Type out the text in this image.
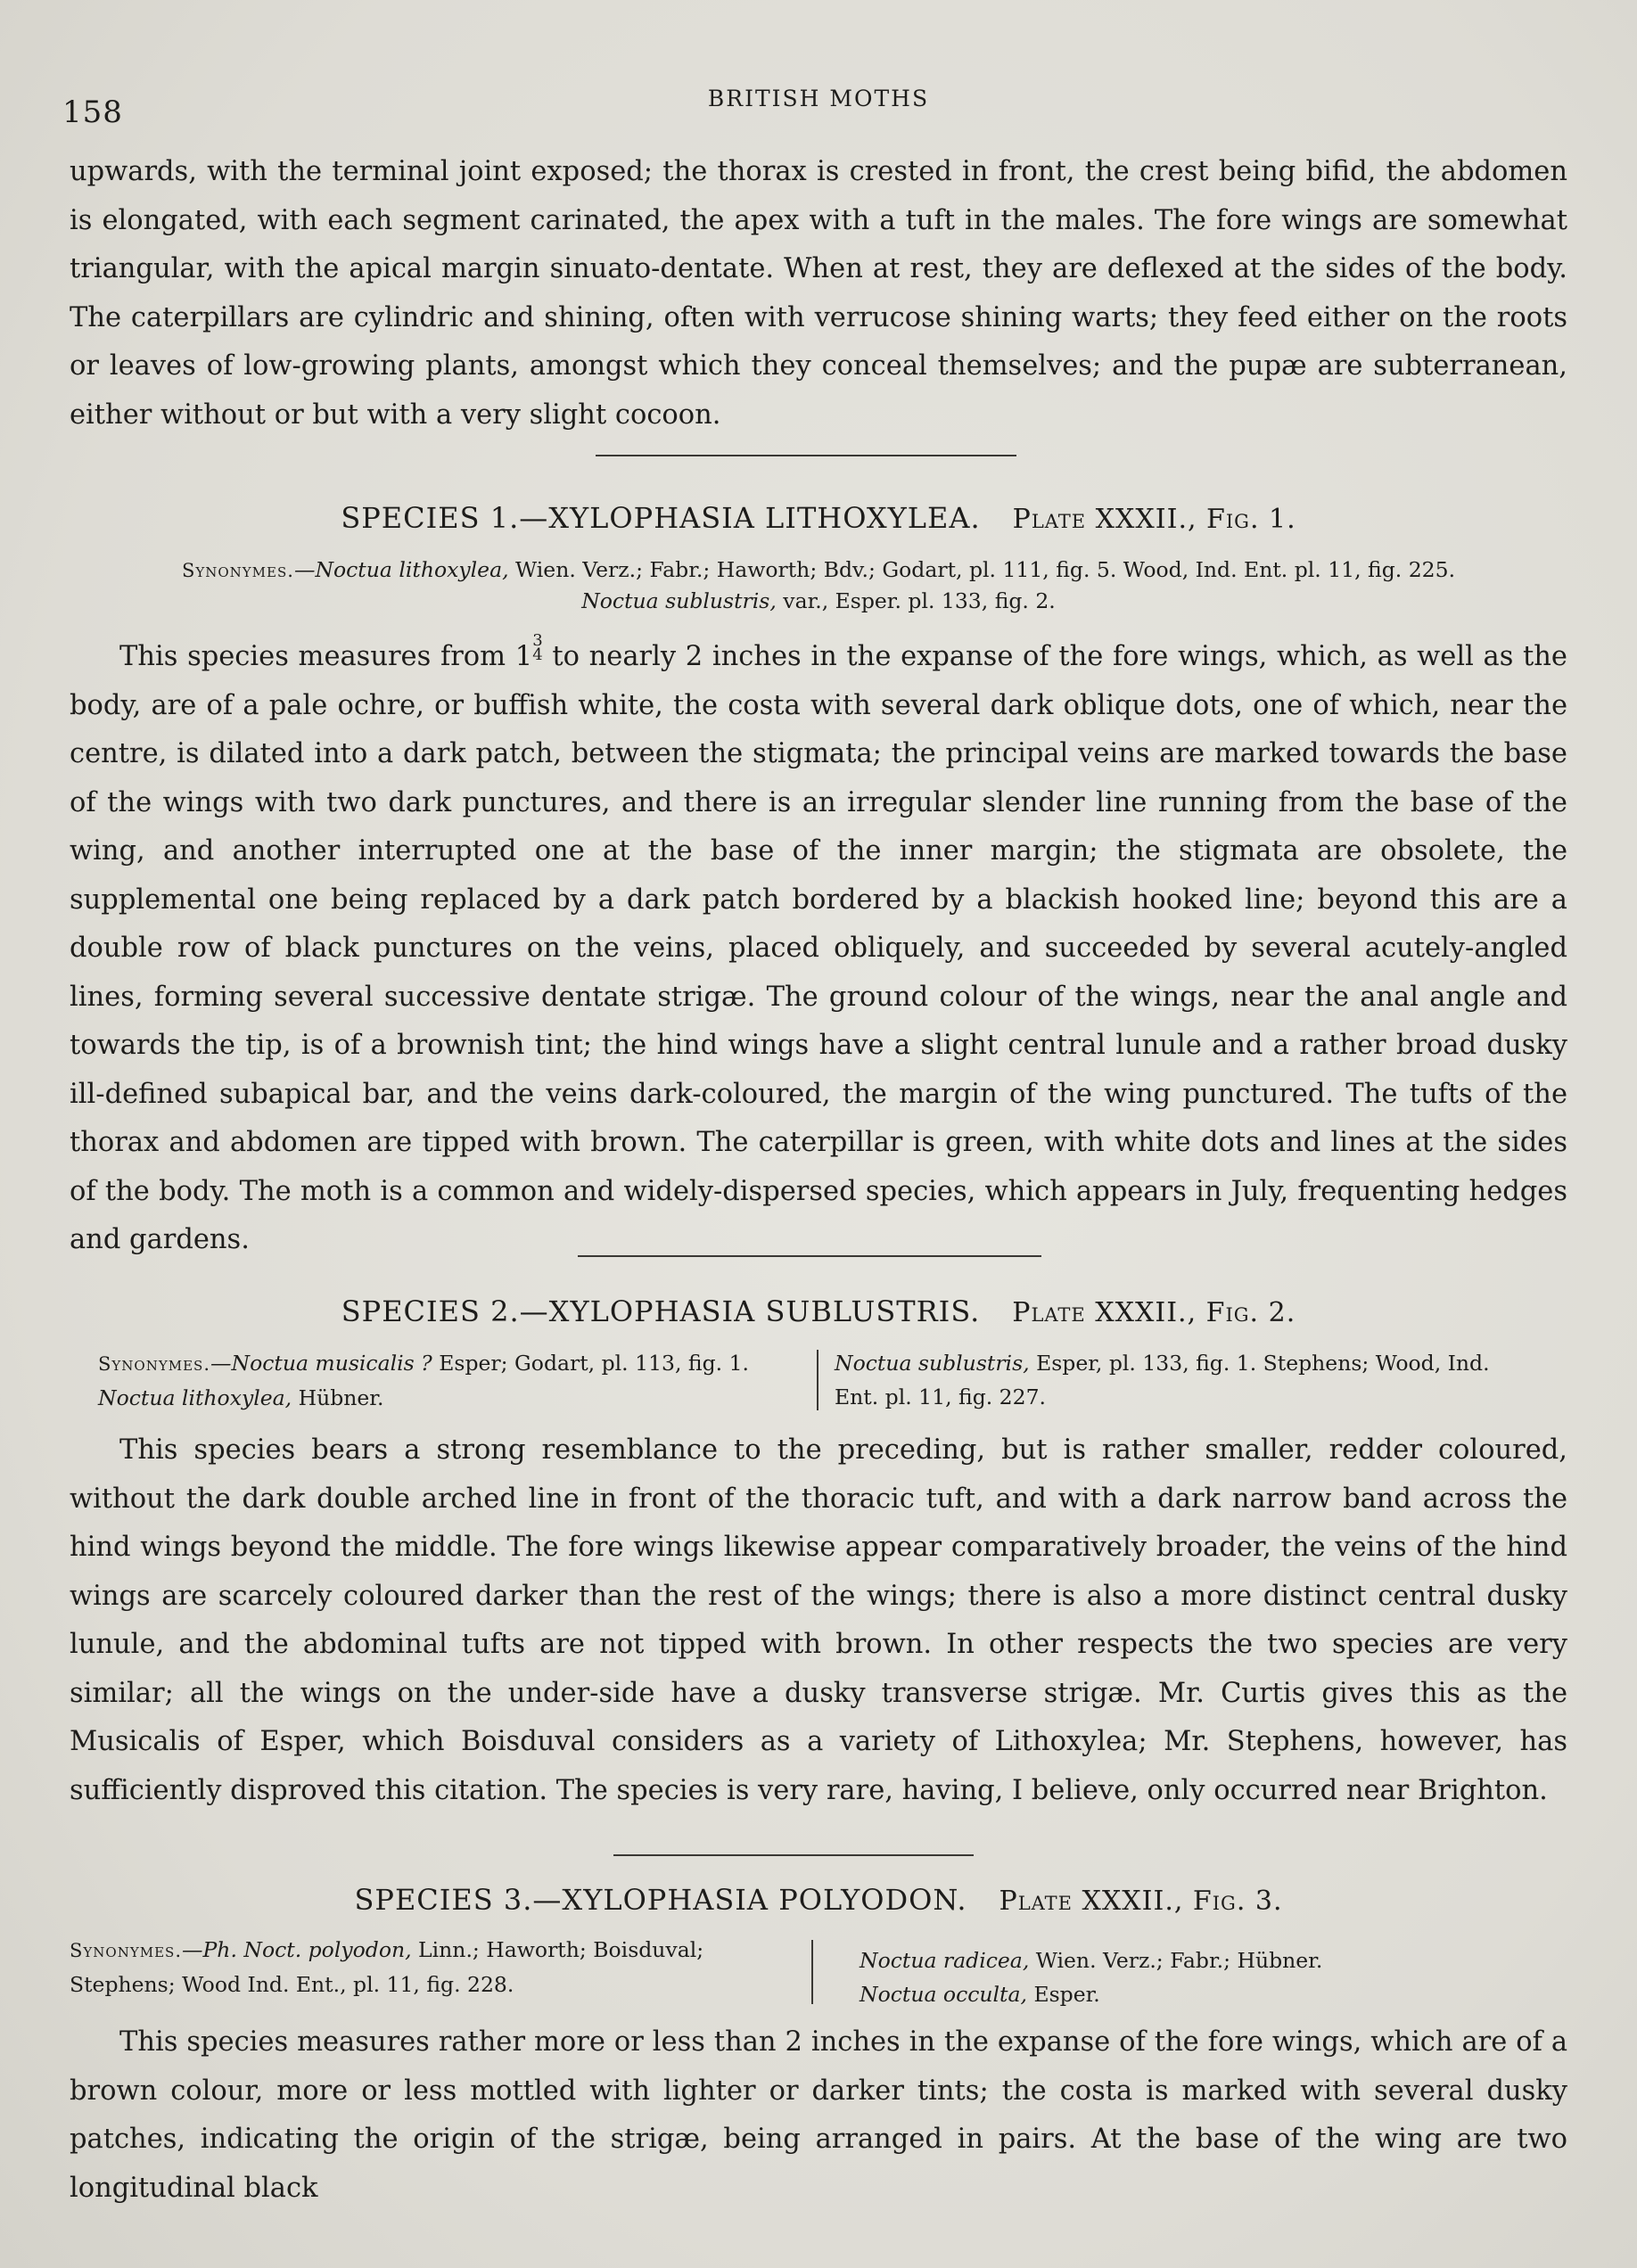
158	BRITISH MOTHS
upwards, with the terminal joint exposed; the thorax is crested in front, the crest being bifid, the abdomen is elongated, with each segment carinated, the apex with a tuft in the males. The fore wings are somewhat triangular, with the apical margin sinuato-dentate. When at rest, they are deflexed at the sides of the body. The caterpillars are cylindric and shining, often with verrucose shining warts; they feed either on the roots or leaves of low-growing plants, amongst which they conceal themselves; and the pupæ are subterranean, either without or but with a very slight cocoon.
SPECIES 1.—XYLOPHASIA LITHOXYLEA. Plate XXXII., Fig. 1.
Synonymes.—Noctua lithoxylea, Wien. Verz.; Fabr.; Haworth; Bdv.; Godart, pl. 111, fig. 5. Wood, Ind. Ent. pl. 11, fig. 225.
Noctua sublustris, var., Esper. pl. 133, fig. 2.
This species measures from 1
3
4 to nearly 2 inches in the expanse of the fore wings, which, as well as the body, are of a pale ochre, or buffish white, the costa with several dark oblique dots, one of which, near the centre, is dilated into a dark patch, between the stigmata; the principal veins are marked towards the base of the wings with two dark punctures, and there is an irregular slender line running from the base of the wing, and another interrupted one at the base of the inner margin; the stigmata are obsolete, the supplemental one being replaced by a dark patch bordered by a blackish hooked line; beyond this are a double row of black punctures on the veins, placed obliquely, and succeeded by several acutely-angled lines, forming several successive dentate strigæ. The ground colour of the wings, near the anal angle and towards the tip, is of a brownish tint; the hind wings have a slight central lunule and a rather broad dusky ill-defined subapical bar, and the veins dark-coloured, the margin of the wing punctured. The tufts of the thorax and abdomen are tipped with brown. The caterpillar is green, with white dots and lines at the sides of the body. The moth is a common and widely-dispersed species, which appears in July, frequenting hedges and gardens.
SPECIES 2.—XYLOPHASIA SUBLUSTRIS. Plate XXXII., Fig. 2.
Synonymes.—Noctua musicalis ? Esper; Godart, pl. 113, fig. 1.
Noctua lithoxylea, Hübner.
Noctua sublustris, Esper, pl. 133, fig. 1. Stephens; Wood, Ind.
Ent. pl. 11, fig. 227.
This species bears a strong resemblance to the preceding, but is rather smaller, redder coloured, without the dark double arched line in front of the thoracic tuft, and with a dark narrow band across the hind wings beyond the middle. The fore wings likewise appear comparatively broader, the veins of the hind wings are scarcely coloured darker than the rest of the wings; there is also a more distinct central dusky lunule, and the abdominal tufts are not tipped with brown. In other respects the two species are very similar; all the wings on the under-side have a dusky transverse strigæ. Mr. Curtis gives this as the Musicalis of Esper, which Boisduval considers as a variety of Lithoxylea; Mr. Stephens, however, has sufficiently disproved this citation. The species is very rare, having, I believe, only occurred near Brighton.
SPECIES 3.—XYLOPHASIA POLYODON. Plate XXXII., Fig. 3.
Synonymes.—Ph. Noct. polyodon, Linn.; Haworth; Boisduval;
Stephens; Wood Ind. Ent., pl. 11, fig. 228.
Noctua radicea, Wien. Verz.; Fabr.; Hübner.
Noctua occulta, Esper.
This species measures rather more or less than 2 inches in the expanse of the fore wings, which are of a brown colour, more or less mottled with lighter or darker tints; the costa is marked with several dusky patches, indicating the origin of the strigæ, being arranged in pairs. At the base of the wing are two longitudinal black
